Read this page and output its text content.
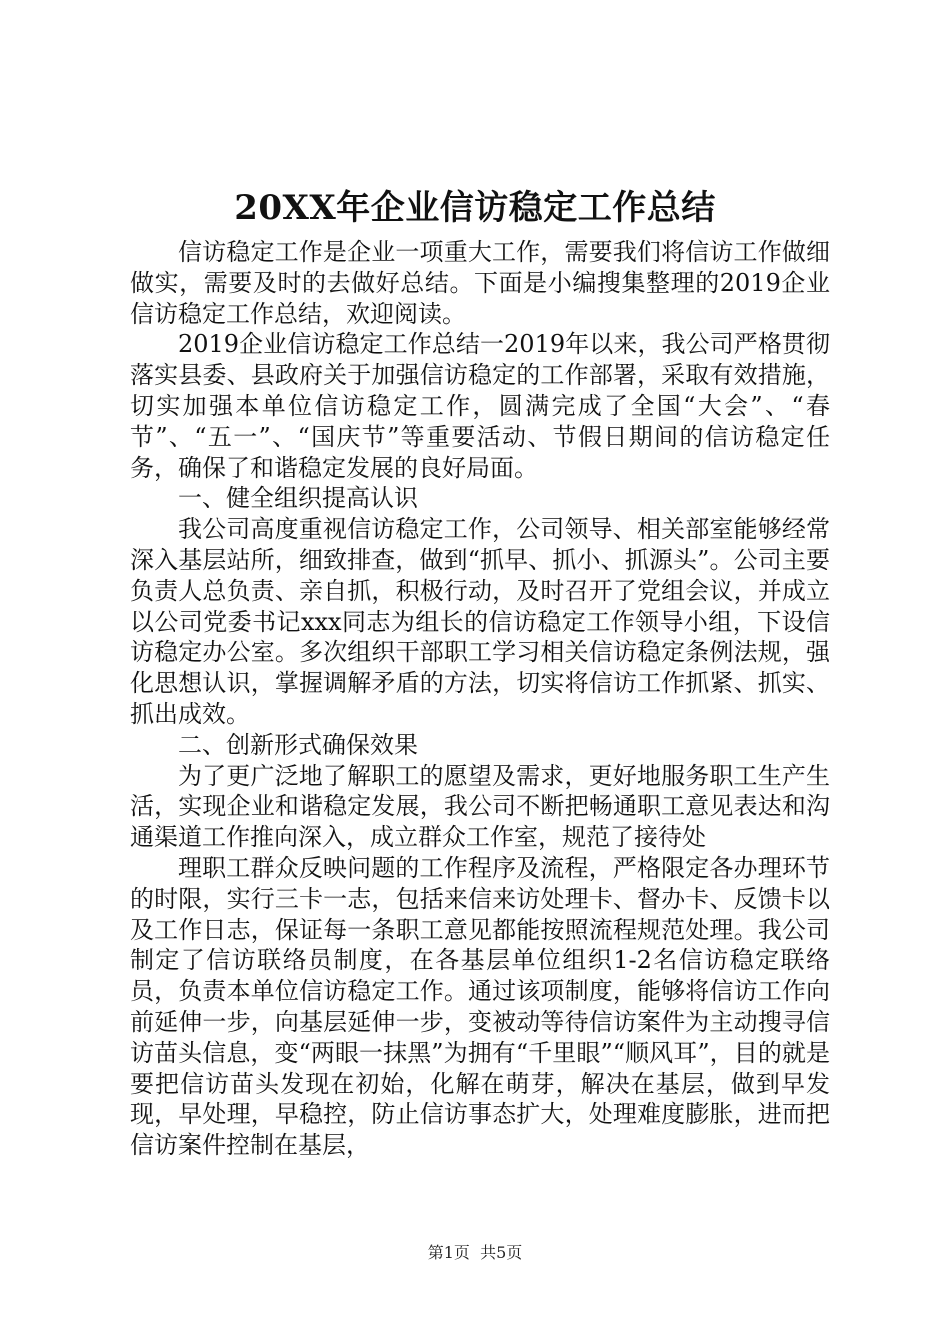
20XX年企业信访稳定工作总结

信访稳定工作是企业一项重大工作，需要我们将信访工作做细做实，需要及时的去做好总结。下面是小编搜集整理的2019企业信访稳定工作总结，欢迎阅读。

2019企业信访稳定工作总结一2019年以来，我公司严格贯彻落实县委、县政府关于加强信访稳定的工作部署，采取有效措施，切实加强本单位信访稳定工作，圆满完成了全国“大会”、“春节”、“五一”、“国庆节”等重要活动、节假日期间的信访稳定任务，确保了和谐稳定发展的良好局面。

一、健全组织提高认识

我公司高度重视信访稳定工作，公司领导、相关部室能够经常深入基层站所，细致排查，做到“抓早、抓小、抓源头”。公司主要负责人总负责、亲自抓，积极行动，及时召开了党组会议，并成立以公司党委书记xxx同志为组长的信访稳定工作领导小组，下设信访稳定办公室。多次组织干部职工学习相关信访稳定条例法规，强化思想认识，掌握调解矛盾的方法，切实将信访工作抓紧、抓实、抓出成效。

二、创新形式确保效果

为了更广泛地了解职工的愿望及需求，更好地服务职工生产生活，实现企业和谐稳定发展，我公司不断把畅通职工意见表达和沟通渠道工作推向深入，成立群众工作室，规范了接待处

理职工群众反映问题的工作程序及流程，严格限定各办理环节的时限，实行三卡一志，包括来信来访处理卡、督办卡、反馈卡以及工作日志，保证每一条职工意见都能按照流程规范处理。我公司制定了信访联络员制度，在各基层单位组织1-2名信访稳定联络员，负责本单位信访稳定工作。通过该项制度，能够将信访工作向前延伸一步，向基层延伸一步，变被动等待信访案件为主动搜寻信访苗头信息，变“两眼一抹黑”为拥有“千里眼”“顺风耳”，目的就是要把信访苗头发现在初始，化解在萌芽，解决在基层，做到早发现，早处理，早稳控，防止信访事态扩大，处理难度膨胀，进而把信访案件控制在基层，

第1页 共5页
